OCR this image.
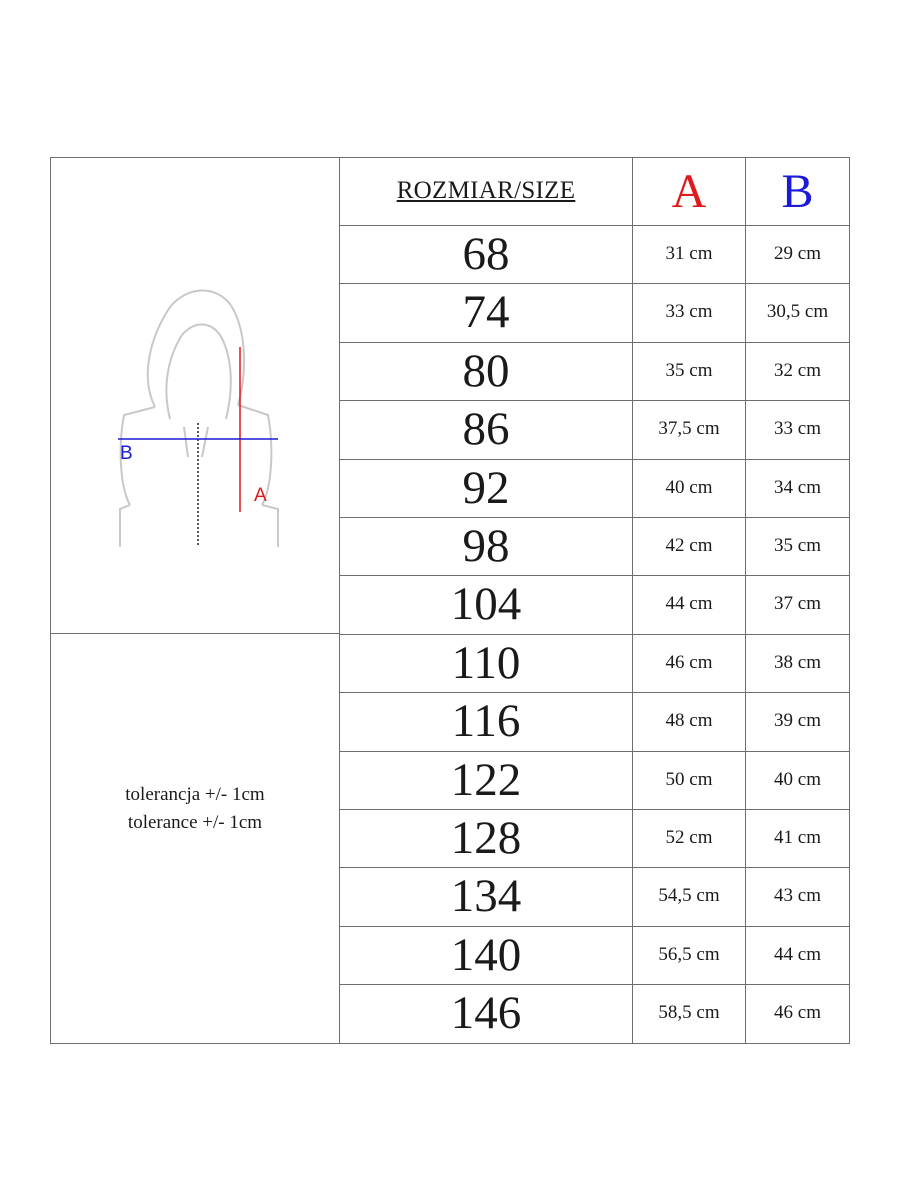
ROZMIAR/SIZE	A	B
68	31 cm	29 cm
74	33 cm	30,5 cm
80	35 cm	32 cm
86	37,5 cm	33 cm
92	40 cm	34 cm
98	42 cm	35 cm
104	44 cm	37 cm
110	46 cm	38 cm
116	48 cm	39 cm
122	50 cm	40 cm
128	52 cm	41 cm
134	54,5 cm	43 cm
140	56,5 cm	44 cm
146	58,5 cm	46 cm
A
B
tolerancja +/- 1cm
tolerance +/- 1cm
